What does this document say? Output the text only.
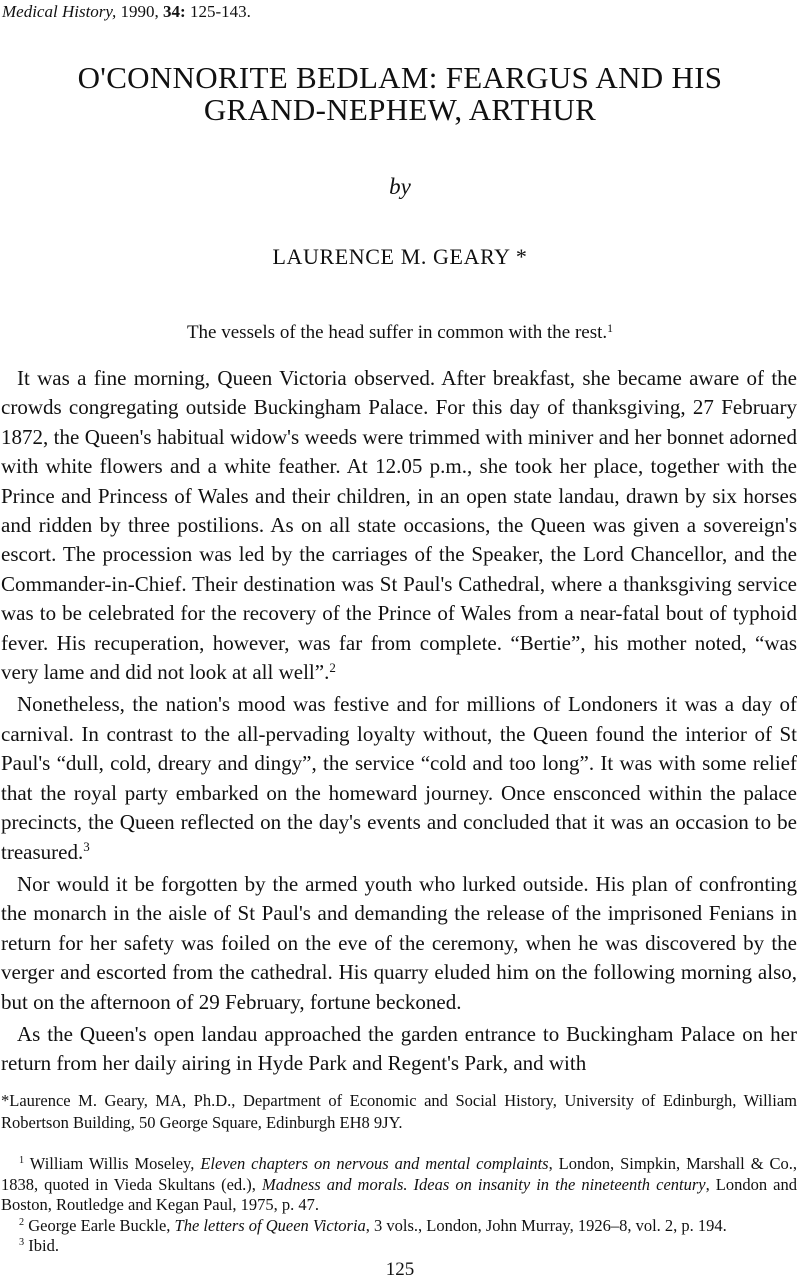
Medical History, 1990, 34: 125-143.
O'CONNORITE BEDLAM: FEARGUS AND HIS
GRAND-NEPHEW, ARTHUR
by
LAURENCE M. GEARY *
The vessels of the head suffer in common with the rest.$^1$

It was a fine morning, Queen Victoria observed. After breakfast, she became aware of the crowds congregating outside Buckingham Palace. For this day of thanksgiving, 27 February 1872, the Queen's habitual widow's weeds were trimmed with miniver and her bonnet adorned with white flowers and a white feather. At 12.05 p.m., she took her place, together with the Prince and Princess of Wales and their children, in an open state landau, drawn by six horses and ridden by three postilions. As on all state occasions, the Queen was given a sovereign's escort. The procession was led by the carriages of the Speaker, the Lord Chancellor, and the Commander-in-Chief. Their destination was St Paul's Cathedral, where a thanksgiving service was to be celebrated for the recovery of the Prince of Wales from a near-fatal bout of typhoid fever. His recuperation, however, was far from complete. “Bertie”, his mother noted, “was very lame and did not look at all well”.$^2$

Nonetheless, the nation's mood was festive and for millions of Londoners it was a day of carnival. In contrast to the all-pervading loyalty without, the Queen found the interior of St Paul's “dull, cold, dreary and dingy”, the service “cold and too long”. It was with some relief that the royal party embarked on the homeward journey. Once ensconced within the palace precincts, the Queen reflected on the day's events and concluded that it was an occasion to be treasured.$^3$

Nor would it be forgotten by the armed youth who lurked outside. His plan of confronting the monarch in the aisle of St Paul's and demanding the release of the imprisoned Fenians in return for her safety was foiled on the eve of the ceremony, when he was discovered by the verger and escorted from the cathedral. His quarry eluded him on the following morning also, but on the afternoon of 29 February, fortune beckoned.

As the Queen's open landau approached the garden entrance to Buckingham Palace on her return from her daily airing in Hyde Park and Regent's Park, and with

*Laurence M. Geary, MA, Ph.D., Department of Economic and Social History, University of Edinburgh, William Robertson Building, 50 George Square, Edinburgh EH8 9JY.

$^1$ William Willis Moseley, Eleven chapters on nervous and mental complaints, London, Simpkin, Marshall & Co., 1838, quoted in Vieda Skultans (ed.), Madness and morals. Ideas on insanity in the nineteenth century, London and Boston, Routledge and Kegan Paul, 1975, p. 47.

$^2$ George Earle Buckle, The letters of Queen Victoria, 3 vols., London, John Murray, 1926–8, vol. 2, p. 194.

$^3$ Ibid.

125
